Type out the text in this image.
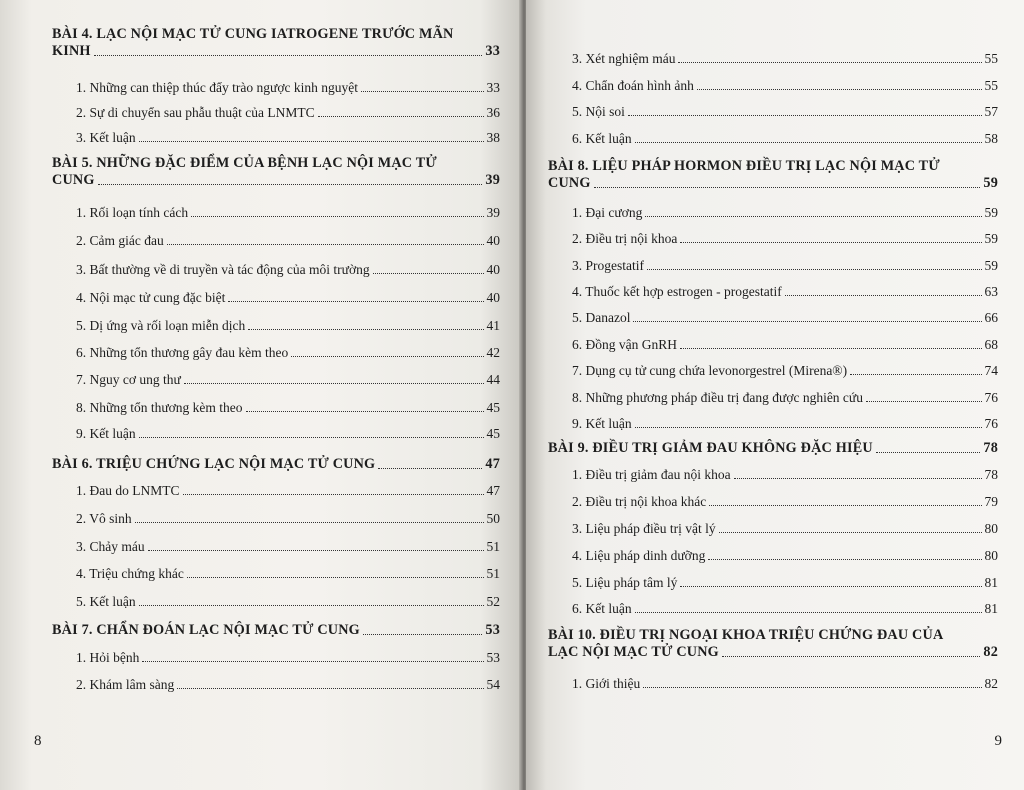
BÀI 4. LẠC NỘI MẠC TỬ CUNG IATROGENE TRƯỚC MÃN
KINH	33
1. Những can thiệp thúc đẩy trào ngược kinh nguyệt	33
2. Sự di chuyển sau phẫu thuật của LNMTC	36
3. Kết luận	38
BÀI 5. NHỮNG ĐẶC ĐIỂM CỦA BỆNH LẠC NỘI MẠC TỬ
CUNG	39
1. Rối loạn tính cách	39
2. Cảm giác đau	40
3. Bất thường về di truyền và tác động của môi trường	40
4. Nội mạc tử cung đặc biệt	40
5. Dị ứng và rối loạn miễn dịch	41
6. Những tổn thương gây đau kèm theo	42
7. Nguy cơ ung thư	44
8. Những tổn thương kèm theo	45
9. Kết luận	45
BÀI 6. TRIỆU CHỨNG LẠC NỘI MẠC TỬ CUNG	47
1. Đau do LNMTC	47
2. Vô sinh	50
3. Chảy máu	51
4. Triệu chứng khác	51
5. Kết luận	52
BÀI 7. CHẨN ĐOÁN LẠC NỘI MẠC TỬ CUNG	53
1. Hỏi bệnh	53
2. Khám lâm sàng	54
8
3. Xét nghiệm máu	55
4. Chẩn đoán hình ảnh	55
5. Nội soi	57
6. Kết luận	58
BÀI 8. LIỆU PHÁP HORMON ĐIỀU TRỊ LẠC NỘI MẠC TỬ
CUNG	59
1. Đại cương	59
2. Điều trị nội khoa	59
3. Progestatif	59
4. Thuốc kết hợp estrogen - progestatif	63
5. Danazol	66
6. Đồng vận GnRH	68
7. Dụng cụ tử cung chứa levonorgestrel (Mirena®)	74
8. Những phương pháp điều trị đang được nghiên cứu	76
9. Kết luận	76
BÀI 9. ĐIỀU TRỊ GIẢM ĐAU KHÔNG ĐẶC HIỆU	78
1. Điều trị giảm đau nội khoa	78
2. Điều trị nội khoa khác	79
3. Liệu pháp điều trị vật lý	80
4. Liệu pháp dinh dưỡng	80
5. Liệu pháp tâm lý	81
6. Kết luận	81
BÀI 10. ĐIỀU TRỊ NGOẠI KHOA TRIỆU CHỨNG ĐAU CỦA
LẠC NỘI MẠC TỬ CUNG	82
1. Giới thiệu	82
9
